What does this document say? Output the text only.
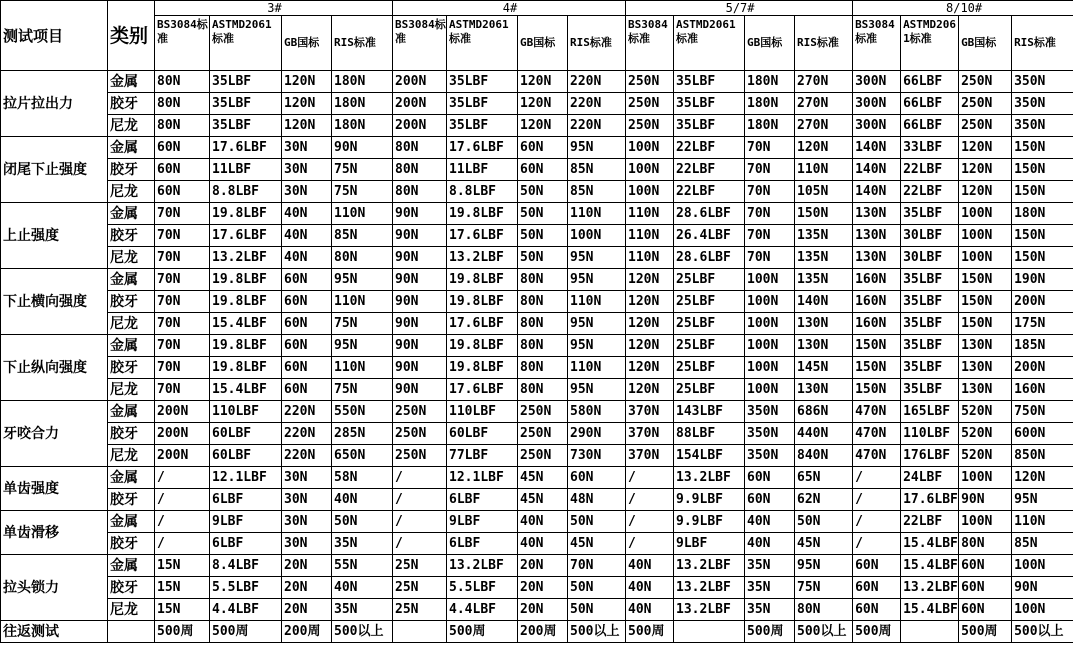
测试项目	类别	3#				4#				5/7#				8/10#			
		BS3084标准	ASTMD2061标准	GB国标	RIS标准	BS3084标准	ASTMD2061标准	GB国标	RIS标准	BS3084标准	ASTMD2061标准	GB国标	RIS标准	BS3084标准	ASTMD2061标准	GB国标	RIS标准
拉片拉出力	金属	80N	35LBF	120N	180N	200N	35LBF	120N	220N	250N	35LBF	180N	270N	300N	66LBF	250N	350N
	胶牙	80N	35LBF	120N	180N	200N	35LBF	120N	220N	250N	35LBF	180N	270N	300N	66LBF	250N	350N
	尼龙	80N	35LBF	120N	180N	200N	35LBF	120N	220N	250N	35LBF	180N	270N	300N	66LBF	250N	350N
闭尾下止强度	金属	60N	17.6LBF	30N	90N	80N	17.6LBF	60N	95N	100N	22LBF	70N	120N	140N	33LBF	120N	150N
	胶牙	60N	11LBF	30N	75N	80N	11LBF	60N	85N	100N	22LBF	70N	110N	140N	22LBF	120N	150N
	尼龙	60N	8.8LBF	30N	75N	80N	8.8LBF	50N	85N	100N	22LBF	70N	105N	140N	22LBF	120N	150N
上止强度	金属	70N	19.8LBF	40N	110N	90N	19.8LBF	50N	110N	110N	28.6LBF	70N	150N	130N	35LBF	100N	180N
	胶牙	70N	17.6LBF	40N	85N	90N	17.6LBF	50N	100N	110N	26.4LBF	70N	135N	130N	30LBF	100N	150N
	尼龙	70N	13.2LBF	40N	80N	90N	13.2LBF	50N	95N	110N	28.6LBF	70N	135N	130N	30LBF	100N	150N
下止横向强度	金属	70N	19.8LBF	60N	95N	90N	19.8LBF	80N	95N	120N	25LBF	100N	135N	160N	35LBF	150N	190N
	胶牙	70N	19.8LBF	60N	110N	90N	19.8LBF	80N	110N	120N	25LBF	100N	140N	160N	35LBF	150N	200N
	尼龙	70N	15.4LBF	60N	75N	90N	17.6LBF	80N	95N	120N	25LBF	100N	130N	160N	35LBF	150N	175N
下止纵向强度	金属	70N	19.8LBF	60N	95N	90N	19.8LBF	80N	95N	120N	25LBF	100N	130N	150N	35LBF	130N	185N
	胶牙	70N	19.8LBF	60N	110N	90N	19.8LBF	80N	110N	120N	25LBF	100N	145N	150N	35LBF	130N	200N
	尼龙	70N	15.4LBF	60N	75N	90N	17.6LBF	80N	95N	120N	25LBF	100N	130N	150N	35LBF	130N	160N
牙咬合力	金属	200N	110LBF	220N	550N	250N	110LBF	250N	580N	370N	143LBF	350N	686N	470N	165LBF	520N	750N
	胶牙	200N	60LBF	220N	285N	250N	60LBF	250N	290N	370N	88LBF	350N	440N	470N	110LBF	520N	600N
	尼龙	200N	60LBF	220N	650N	250N	77LBF	250N	730N	370N	154LBF	350N	840N	470N	176LBF	520N	850N
单齿强度	金属	/	12.1LBF	30N	58N	/	12.1LBF	45N	60N	/	13.2LBF	60N	65N	/	24LBF	100N	120N
	胶牙	/	6LBF	30N	40N	/	6LBF	45N	48N	/	9.9LBF	60N	62N	/	17.6LBF	90N	95N
单齿滑移	金属	/	9LBF	30N	50N	/	9LBF	40N	50N	/	9.9LBF	40N	50N	/	22LBF	100N	110N
	胶牙	/	6LBF	30N	35N	/	6LBF	40N	45N	/	9LBF	40N	45N	/	15.4LBF	80N	85N
拉头锁力	金属	15N	8.4LBF	20N	55N	25N	13.2LBF	20N	70N	40N	13.2LBF	35N	95N	60N	15.4LBF	60N	100N
	胶牙	15N	5.5LBF	20N	40N	25N	5.5LBF	20N	50N	40N	13.2LBF	35N	75N	60N	13.2LBF	60N	90N
	尼龙	15N	4.4LBF	20N	35N	25N	4.4LBF	20N	50N	40N	13.2LBF	35N	80N	60N	15.4LBF	60N	100N
往返测试		500周	500周	200周	500以上		500周	200周	500以上	500周		500周	500以上	500周		500周	500以上
